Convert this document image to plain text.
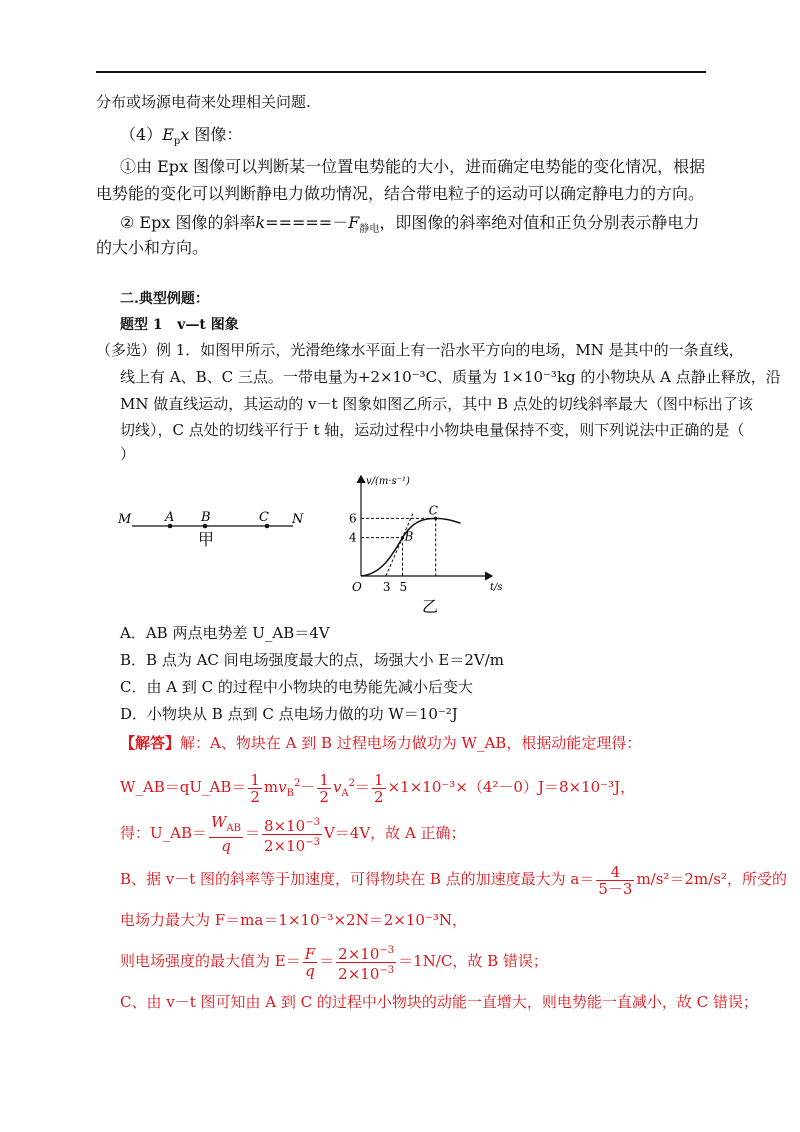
分布或场源电荷来处理相关问题.
$(4)E_px$ 图像：
①由 Epx 图像可以判断某一位置电势能的大小，进而确定电势能的变化情况，根据
电势能的变化可以判断静电力做功情况，结合带电粒子的运动可以确定静电力的方向。
② Epx 图像的斜率$k=====-F_{静电}$，即图像的斜率绝对值和正负分别表示静电力
的大小和方向。
二.典型例题：
题型 1 v—t 图象
（多选）例 1．如图甲所示，光滑绝缘水平面上有一沿水平方向的电场，MN 是其中的一条直线，
线上有 A、B、C 三点。一带电量为+2×10⁻³C、质量为 1×10⁻³kg 的小物块从 A 点静止释放，沿
MN 做直线运动，其运动的 v－t 图象如图乙所示，其中 B 点处的切线斜率最大（图中标出了该
切线），C 点处的切线平行于 t 轴，运动过程中小物块电量保持不变，则下列说法中正确的是（
）
M	A B	C N
甲
v/(m·s⁻¹)
t/s
O
4
6
3 5
B
C
乙
A．AB 两点电势差 U_AB＝4V
B．B 点为 AC 间电场强度最大的点，场强大小 E＝2V/m
C．由 A 到 C 的过程中小物块的电势能先减小后变大
D．小物块从 B 点到 C 点电场力做的功 W＝10⁻²J
【解答】解：A、物块在 A 到 B 过程电场力做功为 W_AB，根据动能定理得：
W_AB＝qU_AB＝ $\frac{1}{2} mv_B^2- \frac{1}{2} v_A^2= \frac{1}{2} \times 1\times 10^{-3}\times(4^2-0)J=8\times 10^{-3}J$，
得：U_AB＝ $\frac{W_{AB}}{q} = \frac{8\times 10^{-3}}{2\times 10^{-3}} V=4V$，故 A 正确；
B、据 v－t 图的斜率等于加速度，可得物块在 B 点的加速度最大为 $a= \frac{4}{5-3} m/s^2=2m/s^2$，所受的
电场力最大为 F＝ma＝1×10⁻³×2N＝2×10⁻³N，
则电场强度的最大值为 $E= \frac{F}{q} = \frac{2\times 10^{-3}}{2\times 10^{-3}} =1N/C$，故 B 错误；
C、由 v－t 图可知由 A 到 C 的过程中小物块的动能一直增大，则电势能一直减小，故 C 错误；
